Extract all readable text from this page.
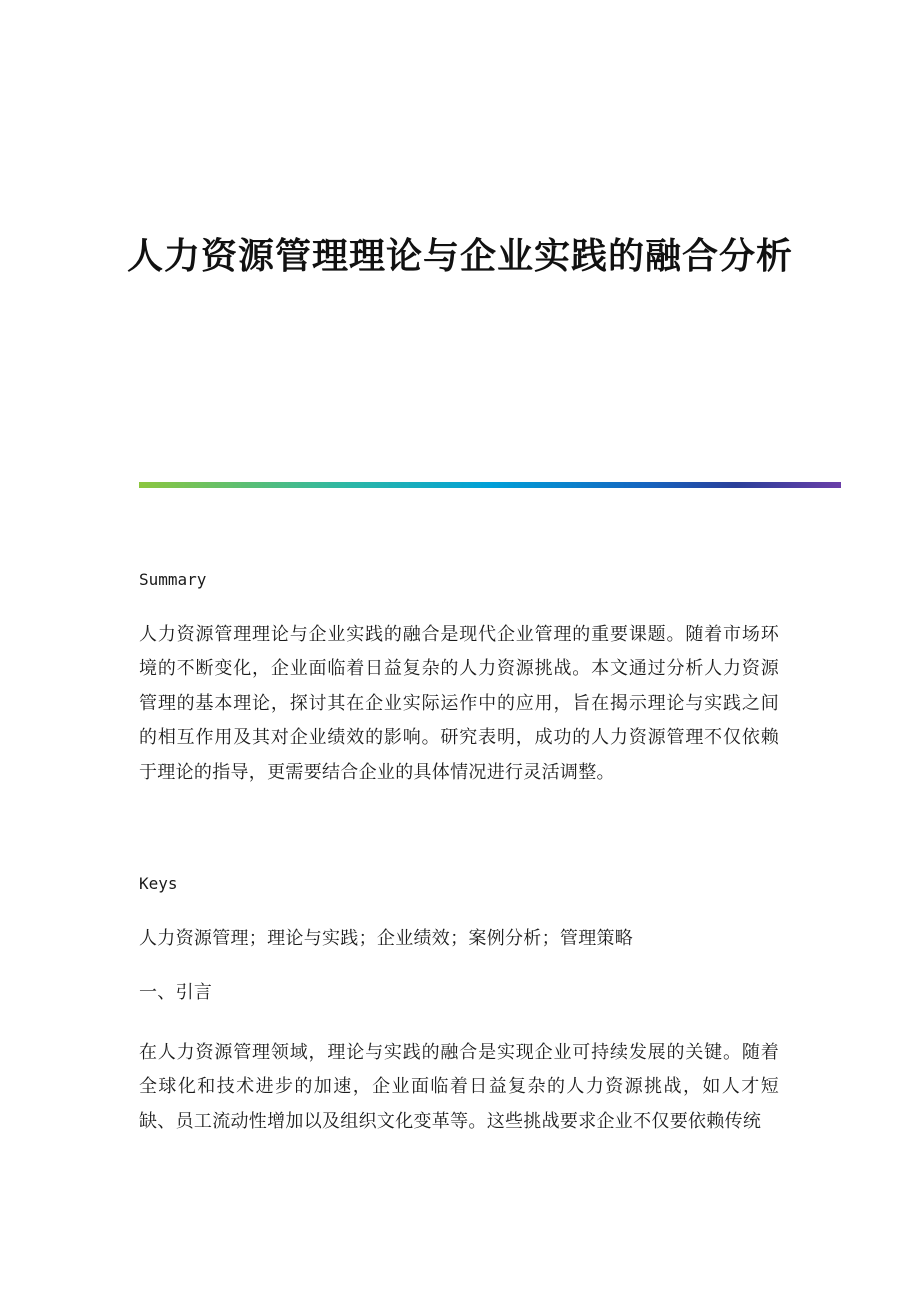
人力资源管理理论与企业实践的融合分析
Summary

人力资源管理理论与企业实践的融合是现代企业管理的重要课题。随着市场环境的不断变化，企业面临着日益复杂的人力资源挑战。本文通过分析人力资源管理的基本理论，探讨其在企业实际运作中的应用，旨在揭示理论与实践之间的相互作用及其对企业绩效的影响。研究表明，成功的人力资源管理不仅依赖于理论的指导，更需要结合企业的具体情况进行灵活调整。

Keys

人力资源管理；理论与实践；企业绩效；案例分析；管理策略

一、引言

在人力资源管理领域，理论与实践的融合是实现企业可持续发展的关键。随着全球化和技术进步的加速，企业面临着日益复杂的人力资源挑战，如人才短缺、员工流动性增加以及组织文化变革等。这些挑战要求企业不仅要依赖传统
